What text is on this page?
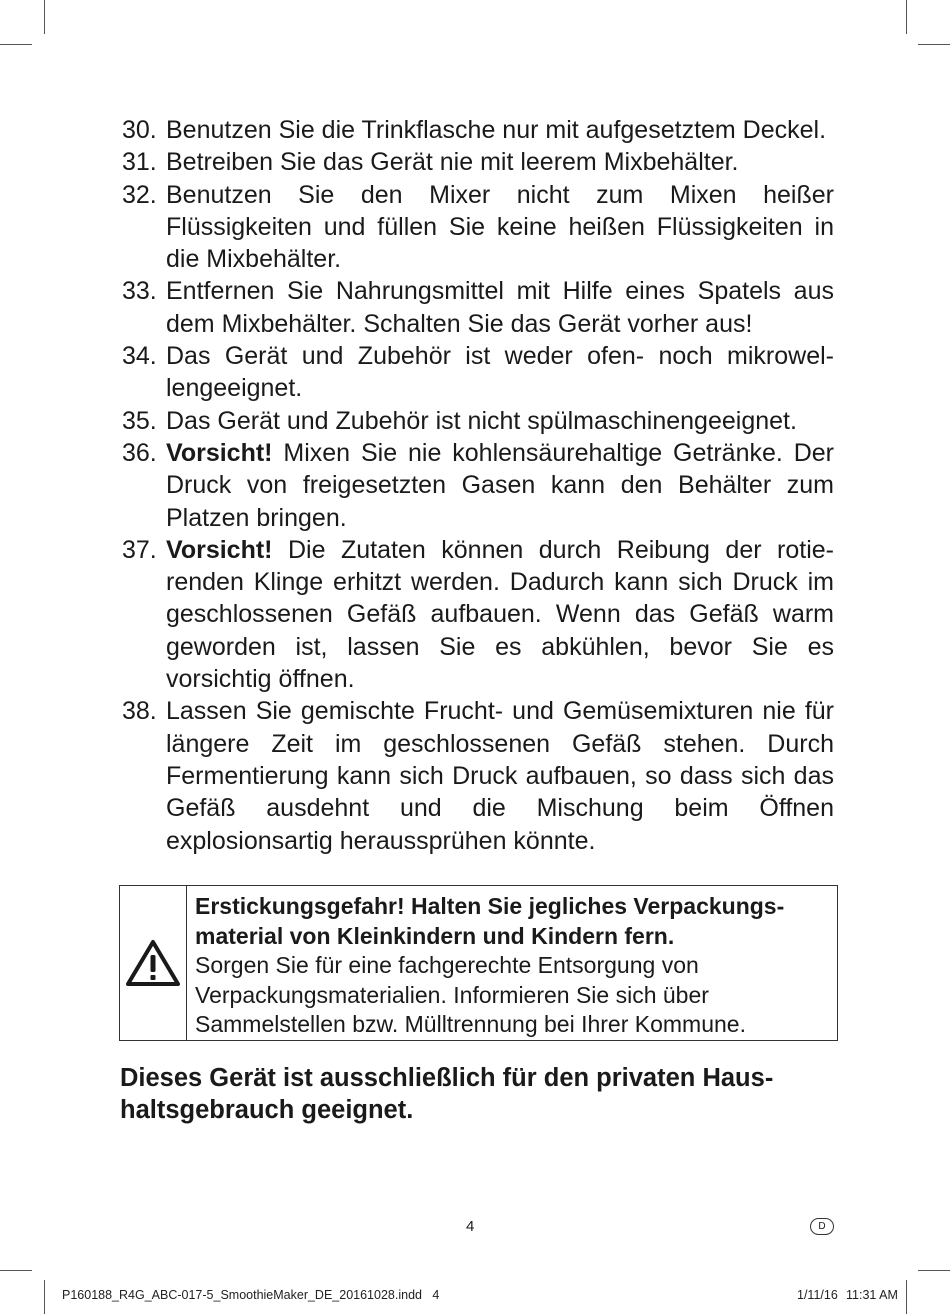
30. Benutzen Sie die Trinkflasche nur mit aufgesetztem Deckel.
31. Betreiben Sie das Gerät nie mit leerem Mixbehälter.
32. Benutzen Sie den Mixer nicht zum Mixen heißer Flüssigkeiten und füllen Sie keine heißen Flüssigkeiten in die Mixbehälter.
33. Entfernen Sie Nahrungsmittel mit Hilfe eines Spatels aus dem Mixbehälter. Schalten Sie das Gerät vorher aus!
34. Das Gerät und Zubehör ist weder ofen- noch mikrowellengeeignet.
35. Das Gerät und Zubehör ist nicht spülmaschinengeeignet.
36. Vorsicht! Mixen Sie nie kohlensäurehaltige Getränke. Der Druck von freigesetzten Gasen kann den Behälter zum Platzen bringen.
37. Vorsicht! Die Zutaten können durch Reibung der rotierenden Klinge erhitzt werden. Dadurch kann sich Druck im geschlossenen Gefäß aufbauen. Wenn das Gefäß warm geworden ist, lassen Sie es abkühlen, bevor Sie es vorsichtig öffnen.
38. Lassen Sie gemischte Frucht- und Gemüsemixturen nie für längere Zeit im geschlossenen Gefäß stehen. Durch Fermentierung kann sich Druck aufbauen, so dass sich das Gefäß ausdehnt und die Mischung beim Öffnen explosionsartig heraussprühen könnte.
Erstickungsgefahr! Halten Sie jegliches Verpackungsmaterial von Kleinkindern und Kindern fern.
Sorgen Sie für eine fachgerechte Entsorgung von Verpackungsmaterialien. Informieren Sie sich über Sammelstellen bzw. Mülltrennung bei Ihrer Kommune.
Dieses Gerät ist ausschließlich für den privaten Haushaltsgebrauch geeignet.
4	D
P160188_R4G_ABC-017-5_SmoothieMaker_DE_20161028.indd   4	1/11/16 11:31 AM
